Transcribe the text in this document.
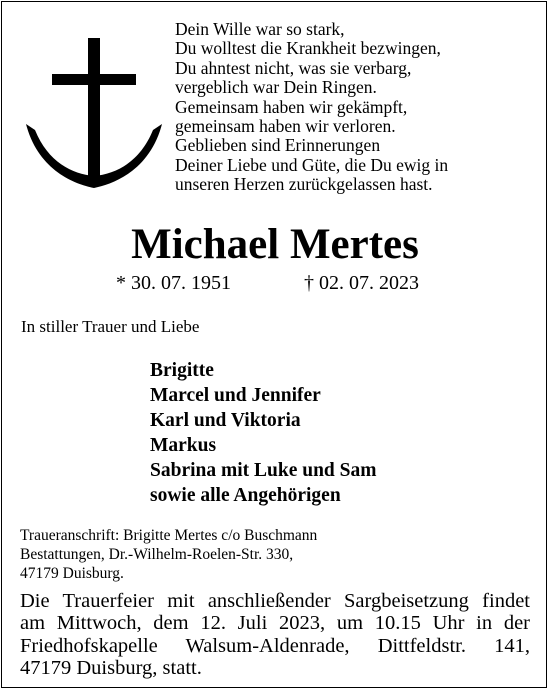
Dein Wille war so stark,
Du wolltest die Krankheit bezwingen,
Du ahntest nicht, was sie verbarg,
vergeblich war Dein Ringen.
Gemeinsam haben wir gekämpft,
gemeinsam haben wir verloren.
Geblieben sind Erinnerungen
Deiner Liebe und Güte, die Du ewig in
unseren Herzen zurückgelassen hast.
Michael Mertes
* 30. 07. 1951	† 02. 07. 2023
In stiller Trauer und Liebe
Brigitte
Marcel und Jennifer
Karl und Viktoria
Markus
Sabrina mit Luke und Sam
sowie alle Angehörigen
Traueranschrift: Brigitte Mertes c/o Buschmann
Bestattungen, Dr.-Wilhelm-Roelen-Str. 330,
47179 Duisburg.
Die Trauerfeier mit anschließender Sargbeisetzung findet
am Mittwoch, dem 12. Juli 2023, um 10.15 Uhr in der
Friedhofskapelle Walsum-Aldenrade, Dittfeldstr. 141,
47179 Duisburg, statt.
